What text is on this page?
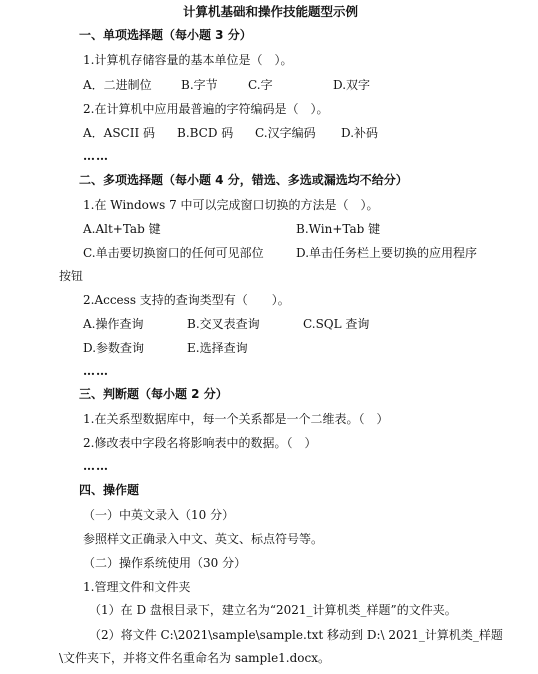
计算机基础和操作技能题型示例
一、单项选择题（每小题 3 分）
1.计算机存储容量的基本单位是（　）。
A．二进制位 B.字节	C.字	D.双字
2.在计算机中应用最普遍的字符编码是（　）。
A．ASCII 码 B.BCD 码 C.汉字编码 D.补码
……
二、多项选择题（每小题 4 分，错选、多选或漏选均不给分）
1.在 Windows 7 中可以完成窗口切换的方法是（　）。
A.Alt+Tab 键	B.Win+Tab 键
C.单击要切换窗口的任何可见部位	D.单击任务栏上要切换的应用程序
按钮
2.Access 支持的查询类型有（　　）。
A.操作查询	B.交叉表查询	C.SQL 查询
D.参数查询	E.选择查询
……
三、判断题（每小题 2 分）
1.在关系型数据库中，每一个关系都是一个二维表。（　）
2.修改表中字段名将影响表中的数据。（　）
……
四、操作题
（一）中英文录入（10 分）
参照样文正确录入中文、英文、标点符号等。
（二）操作系统使用（30 分）
1.管理文件和文件夹
（1）在 D 盘根目录下，建立名为“2021_计算机类_样题”的文件夹。
（2）将文件 C:\2021\sample\sample.txt 移动到 D:\ 2021_计算机类_样题
\文件夹下，并将文件名重命名为 sample1.docx。
